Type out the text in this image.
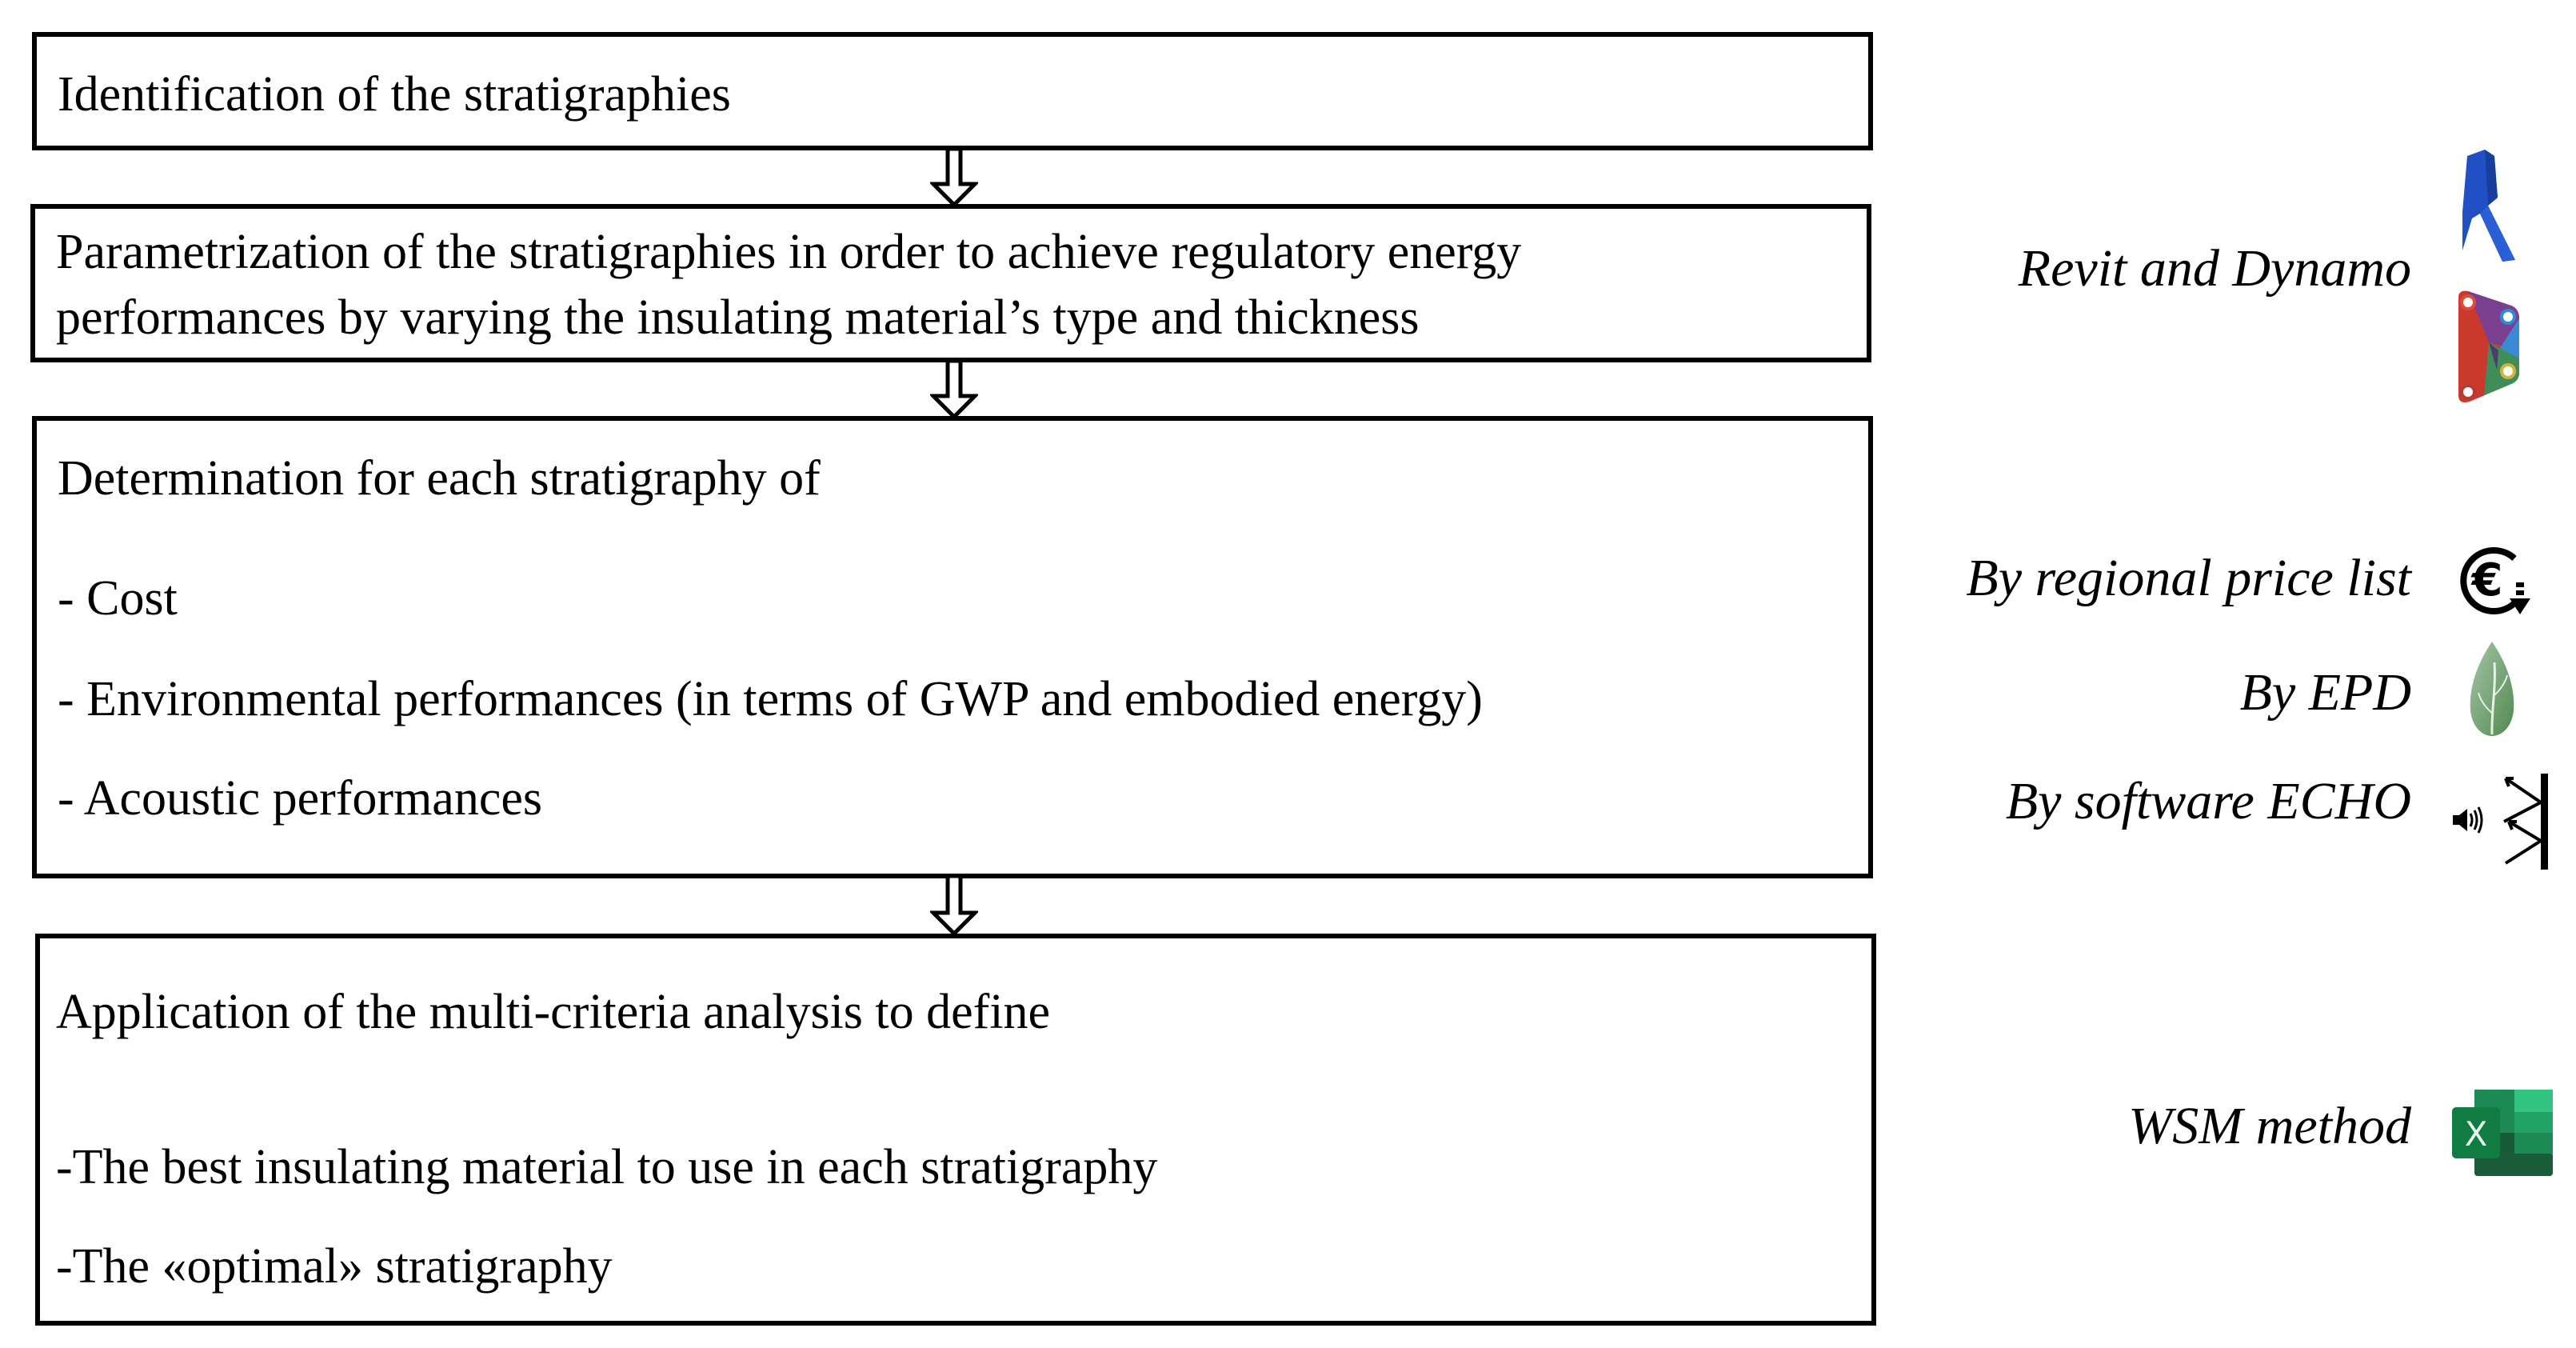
Identification of the stratigraphies
Parametrization of the stratigraphies in order to achieve regulatory energy
performances by varying the insulating material’s type and thickness
Determination for each stratigraphy of
- Cost
- Environmental performances (in terms of GWP and embodied energy)
- Acoustic performances
Application of the multi-criteria analysis to define
-The best insulating material to use in each stratigraphy
-The «optimal» stratigraphy
Revit and Dynamo
By regional price list
By EPD
By software ECHO
WSM method
€
X
